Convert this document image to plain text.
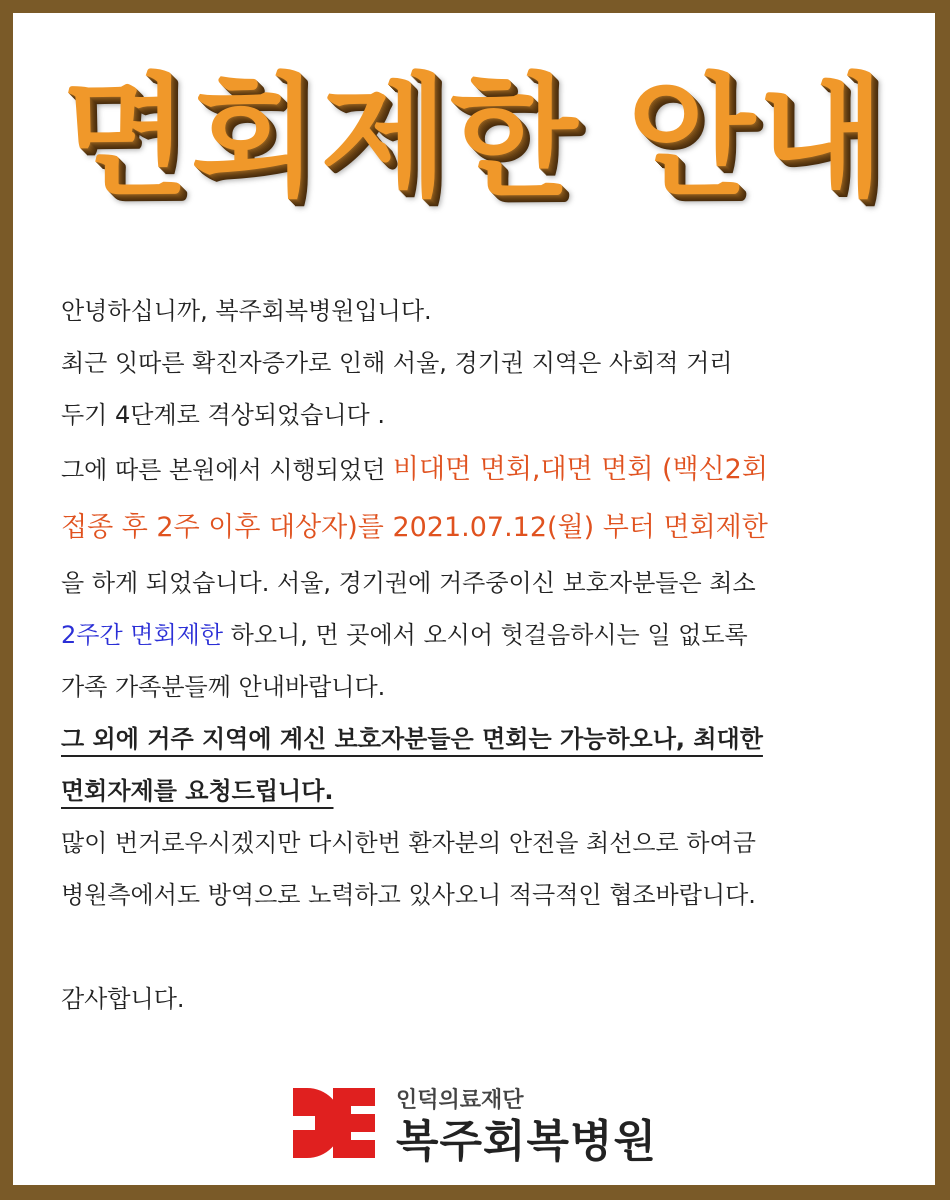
면회제한 안내
안녕하십니까, 복주회복병원입니다.
최근 잇따른 확진자증가로 인해 서울, 경기권 지역은 사회적 거리
두기 4단계로 격상되었습니다 .
그에 따른 본원에서 시행되었던 비대면 면회,대면 면회 (백신2회
접종 후 2주 이후 대상자)를 2021.07.12(월) 부터 면회제한
을 하게 되었습니다. 서울, 경기권에 거주중이신 보호자분들은 최소
2주간 면회제한 하오니, 먼 곳에서 오시어 헛걸음하시는 일 없도록
가족 가족분들께 안내바랍니다.
그 외에 거주 지역에 계신 보호자분들은 면회는 가능하오나, 최대한
면회자제를 요청드립니다.
많이 번거로우시겠지만 다시한번 환자분의 안전을 최선으로 하여금
병원측에서도 방역으로 노력하고 있사오니 적극적인 협조바랍니다.
감사합니다.
인덕의료재단
복주회복병원
